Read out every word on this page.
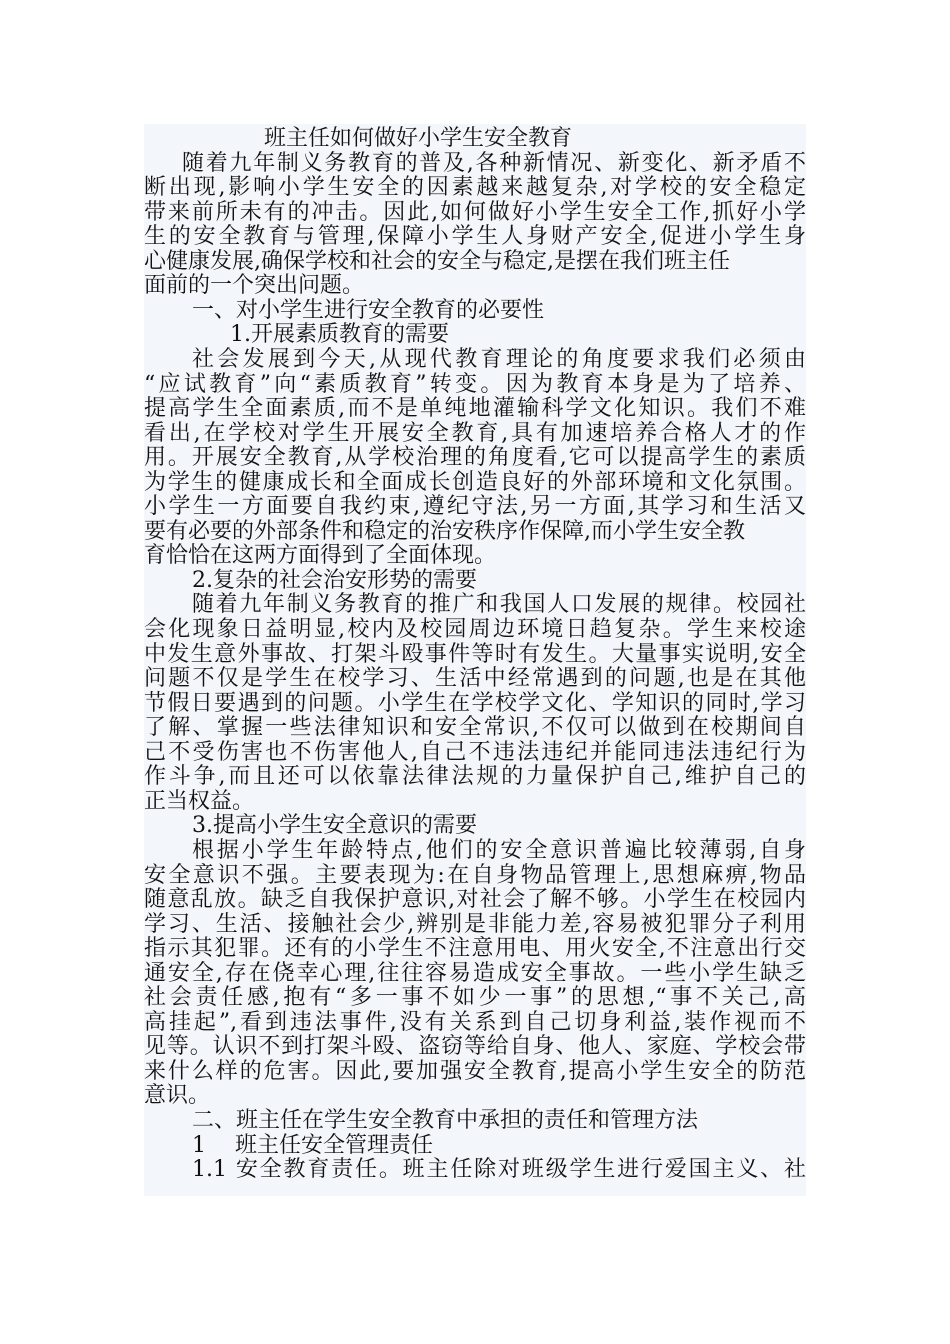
班主任如何做好小学生安全教育
随着九年制义务教育的普及,各种新情况、新变化、新矛盾不
断出现,影响小学生安全的因素越来越复杂,对学校的安全稳定
带来前所未有的冲击。因此,如何做好小学生安全工作,抓好小学
生的安全教育与管理,保障小学生人身财产安全,促进小学生身
心健康发展,确保学校和社会的安全与稳定,是摆在我们班主任
面前的一个突出问题。
一、对小学生进行安全教育的必要性
1.开展素质教育的需要
社会发展到今天,从现代教育理论的角度要求我们必须由
“应试教育”向“素质教育”转变。因为教育本身是为了培养、
提高学生全面素质,而不是单纯地灌输科学文化知识。我们不难
看出,在学校对学生开展安全教育,具有加速培养合格人才的作
用。开展安全教育,从学校治理的角度看,它可以提高学生的素质
为学生的健康成长和全面成长创造良好的外部环境和文化氛围。
小学生一方面要自我约束,遵纪守法,另一方面,其学习和生活又
要有必要的外部条件和稳定的治安秩序作保障,而小学生安全教
育恰恰在这两方面得到了全面体现。
2.复杂的社会治安形势的需要
随着九年制义务教育的推广和我国人口发展的规律。校园社
会化现象日益明显,校内及校园周边环境日趋复杂。学生来校途
中发生意外事故、打架斗殴事件等时有发生。大量事实说明,安全
问题不仅是学生在校学习、生活中经常遇到的问题,也是在其他
节假日要遇到的问题。小学生在学校学文化、学知识的同时,学习
了解、掌握一些法律知识和安全常识,不仅可以做到在校期间自
己不受伤害也不伤害他人,自己不违法违纪并能同违法违纪行为
作斗争,而且还可以依靠法律法规的力量保护自己,维护自己的
正当权益。
3.提高小学生安全意识的需要
根据小学生年龄特点,他们的安全意识普遍比较薄弱,自身
安全意识不强。主要表现为:在自身物品管理上,思想麻痹,物品
随意乱放。缺乏自我保护意识,对社会了解不够。小学生在校园内
学习、生活、接触社会少,辨别是非能力差,容易被犯罪分子利用
指示其犯罪。还有的小学生不注意用电、用火安全,不注意出行交
通安全,存在侥幸心理,往往容易造成安全事故。一些小学生缺乏
社会责任感,抱有“多一事不如少一事”的思想,“事不关己,高
高挂起”,看到违法事件,没有关系到自己切身利益,装作视而不
见等。认识不到打架斗殴、盗窃等给自身、他人、家庭、学校会带
来什么样的危害。因此,要加强安全教育,提高小学生安全的防范
意识。
二、班主任在学生安全教育中承担的责任和管理方法
1　 班主任安全管理责任
1.1 安全教育责任。班主任除对班级学生进行爱国主义、社
